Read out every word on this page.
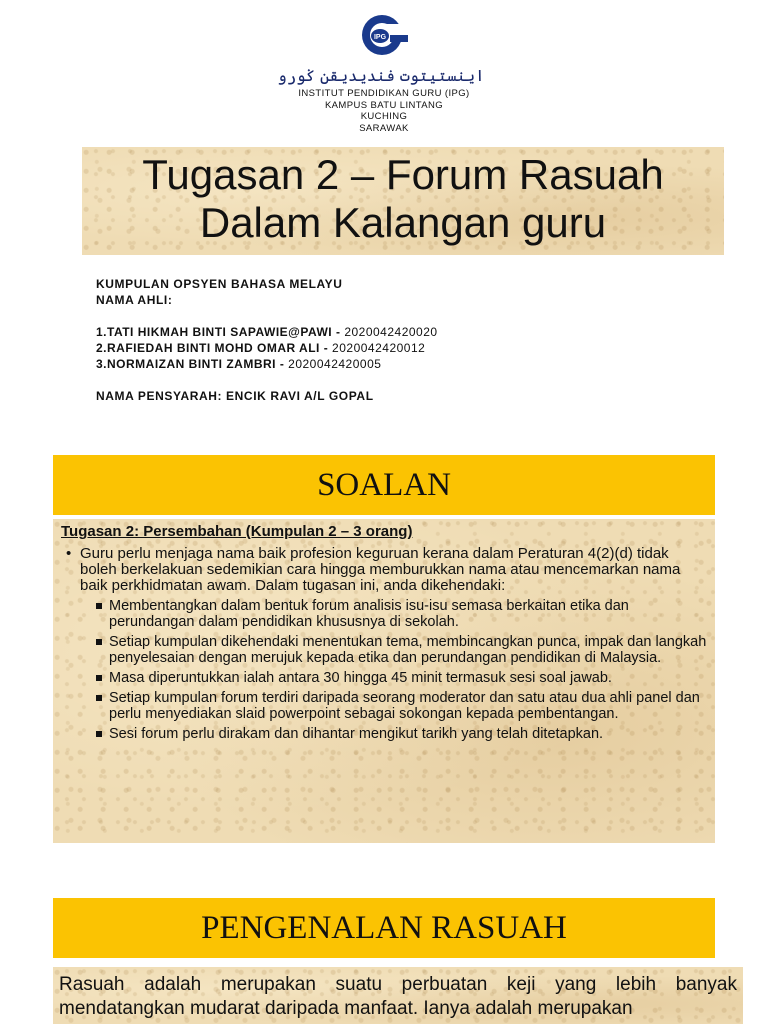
IPG
اينستيتوت فنديديقن ݢورو
INSTITUT PENDIDIKAN GURU (IPG)
KAMPUS BATU LINTANG
KUCHING
SARAWAK
Tugasan 2 – Forum Rasuah
Dalam Kalangan guru
KUMPULAN OPSYEN BAHASA MELAYU
NAMA AHLI:
1.TATI HIKMAH BINTI SAPAWIE@PAWI - 2020042420020
2.RAFIEDAH BINTI MOHD OMAR ALI - 2020042420012
3.NORMAIZAN BINTI ZAMBRI - 2020042420005
NAMA PENSYARAH: ENCIK RAVI A/L GOPAL
SOALAN

Tugasan 2: Persembahan (Kumpulan 2 – 3 orang)

• Guru perlu menjaga nama baik profesion keguruan kerana dalam Peraturan 4(2)(d) tidak boleh berkelakuan sedemikian cara hingga memburukkan nama atau mencemarkan nama baik perkhidmatan awam. Dalam tugasan ini, anda dikehendaki:

Membentangkan dalam bentuk forum analisis isu-isu semasa berkaitan etika dan perundangan dalam pendidikan khususnya di sekolah.
Setiap kumpulan dikehendaki menentukan tema, membincangkan punca, impak dan langkah penyelesaian dengan merujuk kepada etika dan perundangan pendidikan di Malaysia.
Masa diperuntukkan ialah antara 30 hingga 45 minit termasuk sesi soal jawab.
Setiap kumpulan forum terdiri daripada seorang moderator dan satu atau dua ahli panel dan perlu menyediakan slaid powerpoint sebagai sokongan kepada pembentangan.
Sesi forum perlu dirakam dan dihantar mengikut tarikh yang telah ditetapkan.
PENGENALAN RASUAH
Rasuah adalah merupakan suatu perbuatan keji yang lebih banyak mendatangkan mudarat daripada manfaat. Ianya adalah merupakan
